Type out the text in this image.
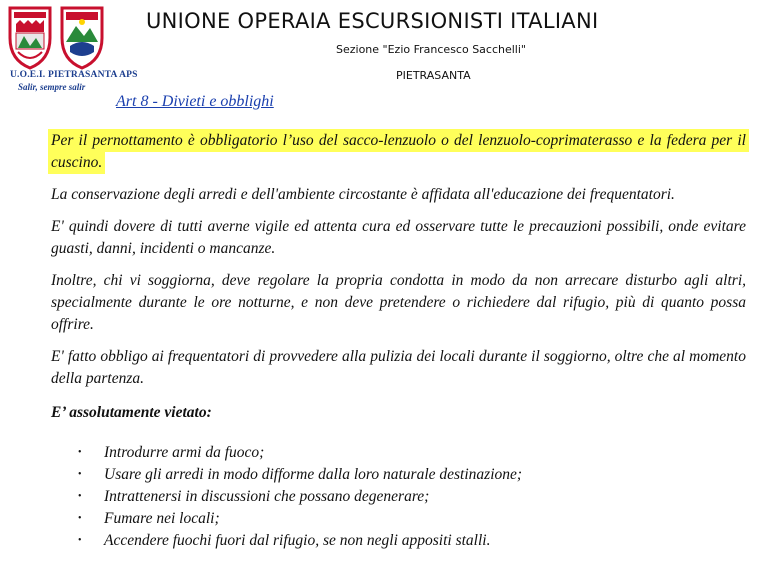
U.O.E.I. PIETRASANTA APS
Salir, sempre salir
UNIONE OPERAIA ESCURSIONISTI ITALIANI
Sezione "Ezio Francesco Sacchelli"
PIETRASANTA
Art 8 - Divieti e obblighi
Per il pernottamento è obbligatorio l’uso del sacco-lenzuolo o del lenzuolo-coprimaterasso e la federa per il cuscino.

La conservazione degli arredi e dell'ambiente circostante è affidata all'educazione dei frequentatori.

E' quindi dovere di tutti averne vigile ed attenta cura ed osservare tutte le precauzioni possibili, onde evitare guasti, danni, incidenti o mancanze.

Inoltre, chi vi soggiorna, deve regolare la propria condotta in modo da non arrecare disturbo agli altri, specialmente durante le ore notturne, e non deve pretendere o richiedere dal rifugio, più di quanto possa offrire.

E' fatto obbligo ai frequentatori di provvedere alla pulizia dei locali durante il soggiorno, oltre che al momento della partenza.

E’ assolutamente vietato:
•	Introdurre armi da fuoco;
•	Usare gli arredi in modo difforme dalla loro naturale destinazione;
•	Intrattenersi in discussioni che possano degenerare;
•	Fumare nei locali;
•	Accendere fuochi fuori dal rifugio, se non negli appositi stalli.
